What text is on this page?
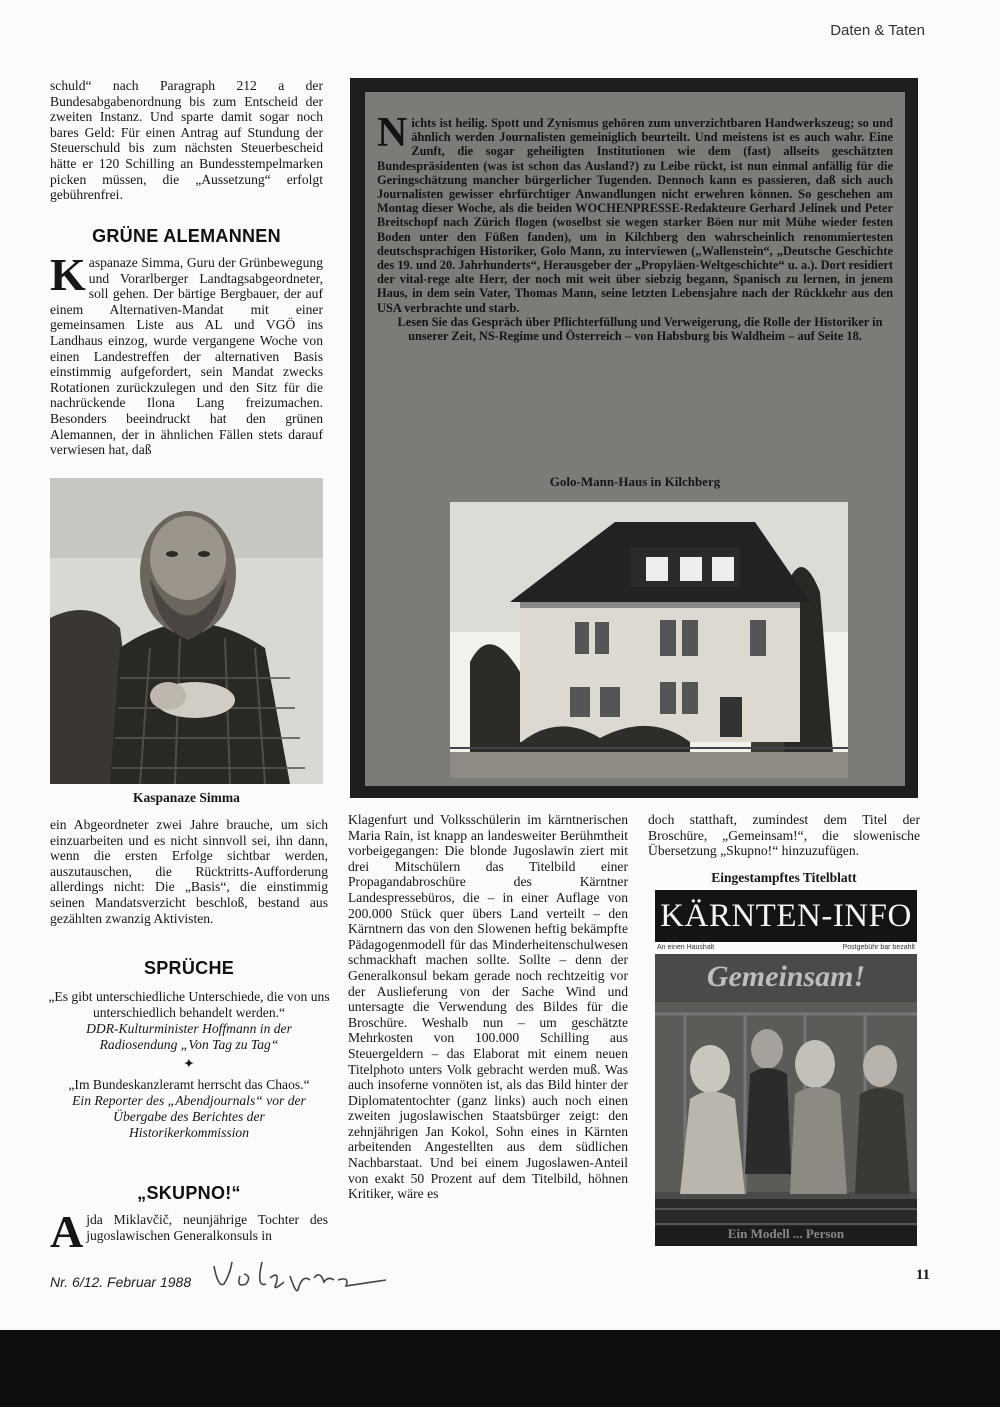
Daten & Taten

schuld“ nach Paragraph 212 a der Bundesabgabenordnung bis zum Entscheid der zweiten Instanz. Und sparte damit sogar noch bares Geld: Für einen Antrag auf Stundung der Steuerschuld bis zum nächsten Steuerbescheid hätte er 120 Schilling an Bundesstempelmarken picken müssen, die „Aussetzung“ erfolgt gebührenfrei.

GRÜNE ALEMANNEN
K aspanaze Simma, Guru der Grünbewegung und Vorarlberger Landtagsabgeordneter, soll gehen. Der bärtige Bergbauer, der auf einem Alternativen-Mandat mit einer gemeinsamen Liste aus AL und VGÖ ins Landhaus einzog, wurde vergangene Woche von einen Landestreffen der alternativen Basis einstimmig aufgefordert, sein Mandat zwecks Rotationen zurückzulegen und den Sitz für die nachrückende Ilona Lang freizumachen. Besonders beeindruckt hat den grünen Alemannen, der in ähnlichen Fällen stets darauf verwiesen hat, daß

Kaspanaze Simma

ein Abgeordneter zwei Jahre brauche, um sich einzuarbeiten und es nicht sinnvoll sei, ihn dann, wenn die ersten Erfolge sichtbar werden, auszutauschen, die Rücktritts-Aufforderung allerdings nicht: Die „Basis“, die einstimmig seinen Mandatsverzicht beschloß, bestand aus gezählten zwanzig Aktivisten.

SPRÜCHE
„Es gibt unterschiedliche Unterschiede, die von uns unterschiedlich behandelt werden.“
DDR-Kulturminister Hoffmann in der Radiosendung „Von Tag zu Tag“
✦
„Im Bundeskanzleramt herrscht das Chaos.“
Ein Reporter des „Abendjournals“ vor der Übergabe des Berichtes der Historikerkommission
„SKUPNO!“
A jda Miklavčič, neunjährige Tochter des jugoslawischen Generalkonsuls in

N ichts ist heilig. Spott und Zynismus gehören zum unverzichtbaren Handwerkszeug; so und ähnlich werden Journalisten gemeiniglich beurteilt. Und meistens ist es auch wahr. Eine Zunft, die sogar geheiligten Institutionen wie dem (fast) allseits geschätzten Bundespräsidenten (was ist schon das Ausland?) zu Leibe rückt, ist nun einmal anfällig für die Geringschätzung mancher bürgerlicher Tugenden. Dennoch kann es passieren, daß sich auch Journalisten gewisser ehrfürchtiger Anwandlungen nicht erwehren können. So geschehen am Montag dieser Woche, als die beiden WOCHENPRESSE-Redakteure Gerhard Jelinek und Peter Breitschopf nach Zürich flogen (woselbst sie wegen starker Böen nur mit Mühe wieder festen Boden unter den Füßen fanden), um in Kilchberg den wahrscheinlich renommiertesten deutschsprachigen Historiker, Golo Mann, zu interviewen („Wallenstein“, „Deutsche Geschichte des 19. und 20. Jahrhunderts“, Herausgeber der „Propyläen-Weltgeschichte“ u. a.). Dort residiert der vital-rege alte Herr, der noch mit weit über siebzig begann, Spanisch zu lernen, in jenem Haus, in dem sein Vater, Thomas Mann, seine letzten Lebensjahre nach der Rückkehr aus den USA verbrachte und starb.

Lesen Sie das Gespräch über Pflichterfüllung und Verweigerung, die Rolle der Historiker in unserer Zeit, NS-Regime und Österreich – von Habsburg bis Waldheim – auf Seite 18.

Golo-Mann-Haus in Kilchberg

Klagenfurt und Volksschülerin im kärntnerischen Maria Rain, ist knapp an landesweiter Berühmtheit vorbeigegangen: Die blonde Jugoslawin ziert mit drei Mitschülern das Titelbild einer Propagandabroschüre des Kärntner Landespressebüros, die – in einer Auflage von 200.000 Stück quer übers Land verteilt – den Kärntnern das von den Slowenen heftig bekämpfte Pädagogenmodell für das Minderheitenschulwesen schmackhaft machen sollte. Sollte – denn der Generalkonsul bekam gerade noch rechtzeitig vor der Auslieferung von der Sache Wind und untersagte die Verwendung des Bildes für die Broschüre. Weshalb nun – um geschätzte Mehrkosten von 100.000 Schilling aus Steuergeldern – das Elaborat mit einem neuen Titelphoto unters Volk gebracht werden muß. Was auch insoferne vonnöten ist, als das Bild hinter der Diplomatentochter (ganz links) auch noch einen zweiten jugoslawischen Staatsbürger zeigt: den zehnjährigen Jan Kokol, Sohn eines in Kärnten arbeitenden Angestellten aus dem südlichen Nachbarstaat. Und bei einem Jugoslawen-Anteil von exakt 50 Prozent auf dem Titelbild, höhnen Kritiker, wäre es

doch statthaft, zumindest dem Titel der Broschüre, „Gemeinsam!“, die slowenische Übersetzung „Skupno!“ hinzuzufügen.

Eingestampftes Titelblatt
KÄRNTEN-INFO
An einen Haushalt	Postgebühr bar bezahlt
Gemeinsam!
Ein Modell ... Person
Nr. 6/12. Februar 1988	11
